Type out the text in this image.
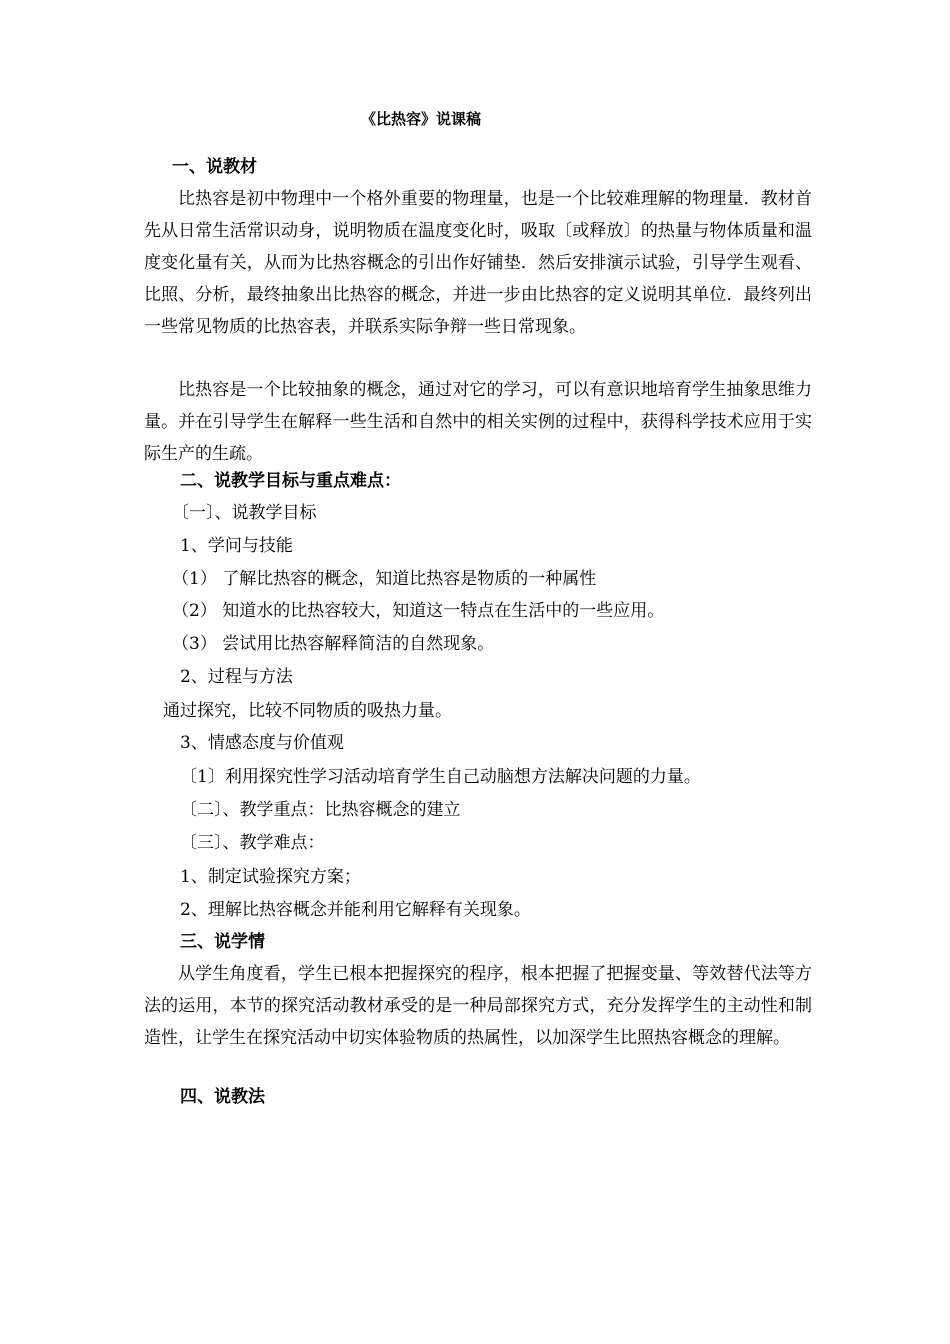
《比热容》说课稿
一、说教材
比热容是初中物理中一个格外重要的物理量，也是一个比较难理解的物理量．教材首先从日常生活常识动身，说明物质在温度变化时，吸取〔或释放〕的热量与物体质量和温度变化量有关，从而为比热容概念的引出作好铺垫．然后安排演示试验，引导学生观看、比照、分析，最终抽象出比热容的概念，并进一步由比热容的定义说明其单位．最终列出一些常见物质的比热容表，并联系实际争辩一些日常现象。
比热容是一个比较抽象的概念，通过对它的学习，可以有意识地培育学生抽象思维力量。并在引导学生在解释一些生活和自然中的相关实例的过程中，获得科学技术应用于实际生产的生疏。
二、说教学目标与重点难点：
〔一〕、说教学目标
1、学问与技能
（1） 了解比热容的概念，知道比热容是物质的一种属性
（2） 知道水的比热容较大，知道这一特点在生活中的一些应用。
（3） 尝试用比热容解释简洁的自然现象。
2、过程与方法
通过探究，比较不同物质的吸热力量。
3、情感态度与价值观
〔1〕利用探究性学习活动培育学生自己动脑想方法解决问题的力量。
〔二〕、教学重点：比热容概念的建立
〔三〕、教学难点：
1、制定试验探究方案；
2、理解比热容概念并能利用它解释有关现象。
三、说学情
从学生角度看，学生已根本把握探究的程序，根本把握了把握变量、等效替代法等方法的运用，本节的探究活动教材承受的是一种局部探究方式，充分发挥学生的主动性和制造性，让学生在探究活动中切实体验物质的热属性，以加深学生比照热容概念的理解。
四、说教法
